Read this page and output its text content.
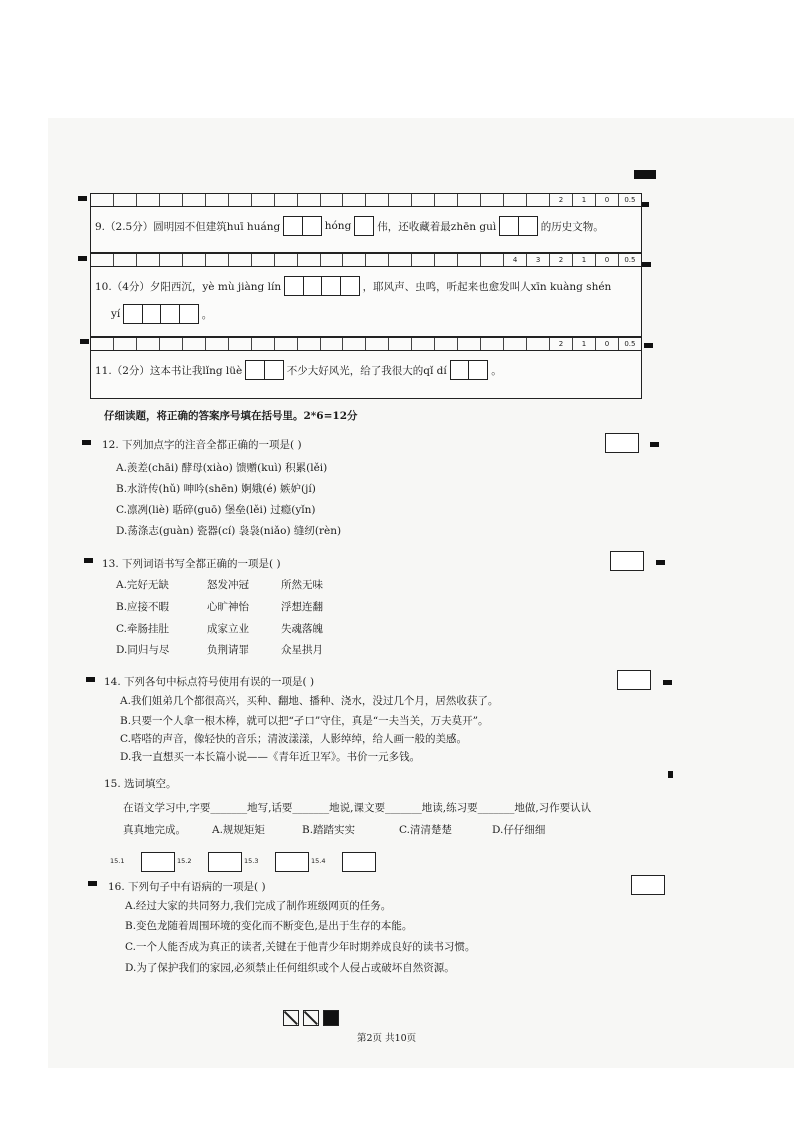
2	1	0	0.5
9.（2.5分）圆明园不但建筑huī huáng	hóng 伟，还收藏着最zhēn guì	的历史文物。
4	3	2	1	0	0.5
10.（4分）夕阳西沉，yè mù jiàng lín	，耶风声、虫鸣，听起来也愈发叫人xīn kuàng shén
yí	。
2	1	0	0.5
11.（2分）这本书让我lǐng lüè	不少大好风光，给了我很大的qǐ dí	。
仔细读题，将正确的答案序号填在括号里。2*6=12分
12. 下列加点字的注音全都正确的一项是( )
A.羡差(chāi) 酵母(xiào) 馈赠(kuì) 积累(lěi)
B.水浒传(hǔ) 呻吟(shēn) 婀娥(é) 嫉妒(jí)
C.凛冽(liè) 聒碎(guō) 堡垒(lěi) 过瘾(yǐn)
D.荡涤志(guàn) 瓷器(cí) 袅袅(niǎo) 缝纫(rèn)
13. 下列词语书写全都正确的一项是( )
A.完好无缺	怒发冲冠	所然无味
B.应接不暇	心旷神怡	浮想连翻
C.牵肠挂肚	成家立业	失魂落魄
D.同归与尽	负荆请罪	众星拱月
14. 下列各句中标点符号使用有误的一项是( )
A.我们姐弟几个都很高兴，买种、翻地、播种、浇水，没过几个月，居然收获了。
B.只要一个人拿一根木棒，就可以把“孑口”守住，真是“一夫当关，万夫莫开”。
C.嗒嗒的声音，像轻快的音乐；清波漾漾，人影绰绰，给人画一般的美感。
D.我一直想买一本长篇小说——《青年近卫军》。书价一元多钱。
15. 选词填空。
在语文学习中,字要_______地写,话要_______地说,课文要_______地读,练习要_______地做,习作要认认
真真地完成。 A.规规矩矩	B.踏踏实实	C.清清楚楚	D.仔仔细细
15.1	15.2	15.3	15.4
16. 下列句子中有语病的一项是( )
A.经过大家的共同努力,我们完成了制作班级网页的任务。
B.变色龙随着周围环境的变化而不断变色,是出于生存的本能。
C.一个人能否成为真正的读者,关键在于他青少年时期养成良好的读书习惯。
D.为了保护我们的家园,必须禁止任何组织或个人侵占或破坏自然资源。
第2页 共10页
